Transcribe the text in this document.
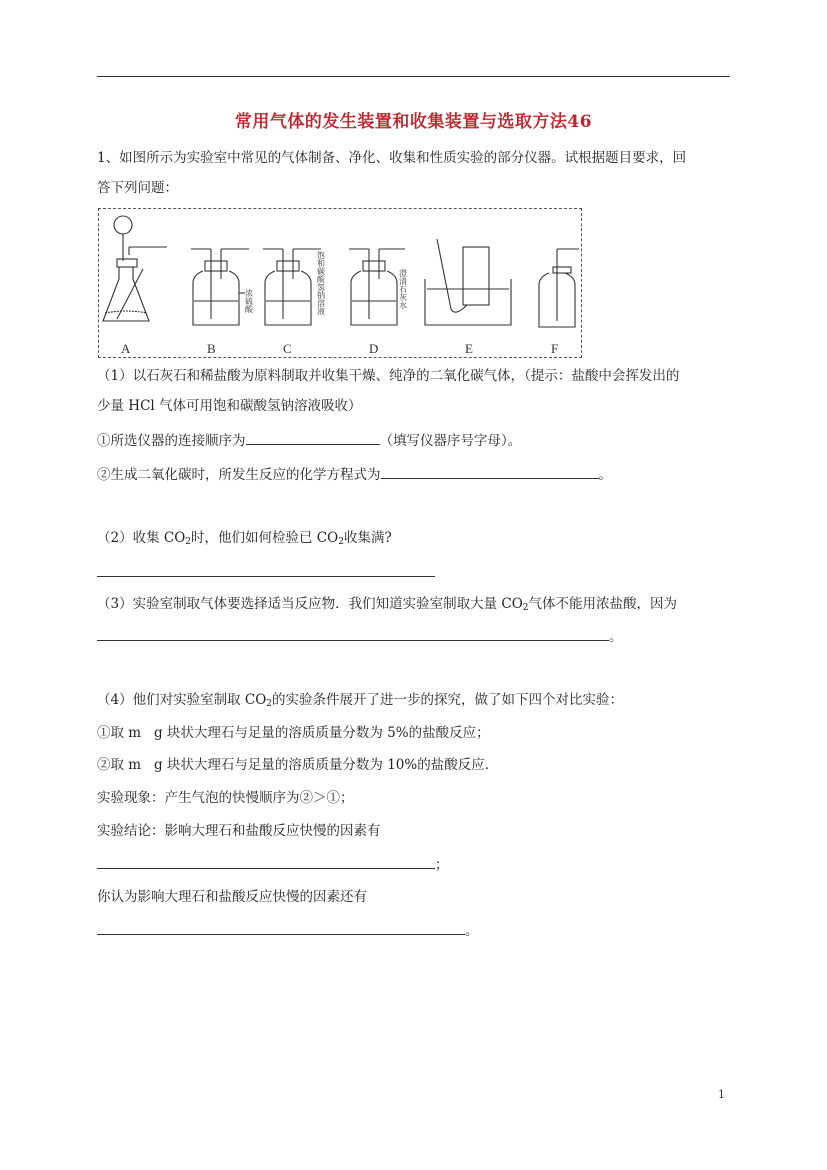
常用气体的发生装置和收集装置与选取方法46
1、如图所示为实验室中常见的气体制备、净化、收集和性质实验的部分仪器。试根据题目要求，回
答下列问题：
A	B	C	D	E	F
浓硫酸	饱和碳酸氢钠溶液	澄清石灰水
（1）以石灰石和稀盐酸为原料制取并收集干燥、纯净的二氧化碳气体，（提示：盐酸中会挥发出的
少量 HCl 气体可用饱和碳酸氢钠溶液吸收）
①所选仪器的连接顺序为	（填写仪器序号字母）。
②生成二氧化碳时，所发生反应的化学方程式为	。
（2）收集 $CO_2$时，他们如何检验已 $CO_2$收集满?
（3）实验室制取气体要选择适当反应物．我们知道实验室制取大量 $CO_2$气体不能用浓盐酸，因为
。
（4）他们对实验室制取 $CO_2$的实验条件展开了进一步的探究，做了如下四个对比实验：
①取 m   g 块状大理石与足量的溶质质量分数为 5%的盐酸反应；
②取 m   g 块状大理石与足量的溶质质量分数为 10%的盐酸反应．
实验现象：产生气泡的快慢顺序为②＞①；
实验结论：影响大理石和盐酸反应快慢的因素有
；
你认为影响大理石和盐酸反应快慢的因素还有
。
1
